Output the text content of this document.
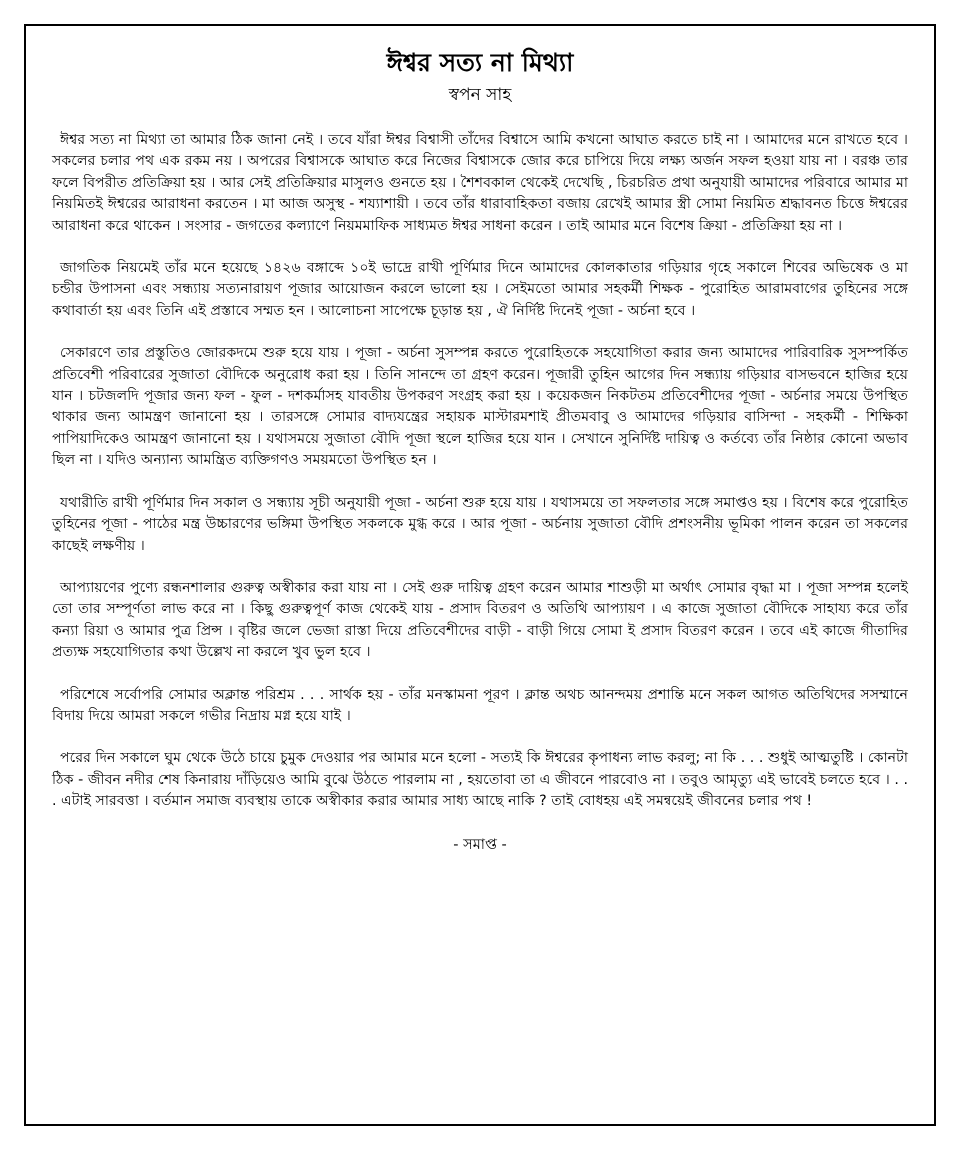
ঈশ্বর সত্য না মিথ্যা
স্বপন সাহ

ঈশ্বর সত্য না মিথ্যা তা আমার ঠিক জানা নেই । তবে যাঁরা ঈশ্বর বিশ্বাসী তাঁদের বিশ্বাসে আমি কখনো আঘাত করতে চাই না । আমাদের মনে রাখতে হবে । সকলের চলার পথ এক রকম নয় । অপরের বিশ্বাসকে আঘাত করে নিজের বিশ্বাসকে জোর করে চাপিয়ে দিয়ে লক্ষ্য অর্জন সফল হওয়া যায় না । বরঞ্চ তার ফলে বিপরীত প্রতিক্রিয়া হয় । আর সেই প্রতিক্রিয়ার মাসুলও গুনতে হয় । শৈশবকাল থেকেই দেখেছি , চিরচরিত প্রথা অনুযায়ী আমাদের পরিবারে আমার মা নিয়মিতই ঈশ্বরের আরাধনা করতেন । মা আজ অসুস্থ - শয্যাশায়ী । তবে তাঁর ধারাবাহিকতা বজায় রেখেই আমার স্ত্রী সোমা নিয়মিত শ্রদ্ধাবনত চিত্তে ঈশ্বরের আরাধনা করে থাকেন । সংসার - জগতের কল্যাণে নিয়মমাফিক সাধ্যমত ঈশ্বর সাধনা করেন । তাই আমার মনে বিশেষ ক্রিয়া - প্রতিক্রিয়া হয় না ।

জাগতিক নিয়মেই তাঁর মনে হয়েছে ১৪২৬ বঙ্গাব্দে ১০ই ভাদ্রে রাখী পূর্ণিমার দিনে আমাদের কোলকাতার গড়িয়ার গৃহে সকালে শিবের অভিষেক ও মা চন্ডীর উপাসনা এবং সন্ধ্যায় সত্যনারায়ণ পূজার আয়োজন করলে ভালো হয় । সেইমতো আমার সহকর্মী শিক্ষক - পুরোহিত আরামবাগের তুহিনের সঙ্গে কথাবার্তা হয় এবং তিনি এই প্রস্তাবে সম্মত হন । আলোচনা সাপেক্ষে চূড়ান্ত হয় , ঐ নির্দিষ্ট দিনেই পূজা - অর্চনা হবে ।

সেকারণে তার প্রস্তুতিও জোরকদমে শুরু হয়ে যায় । পূজা - অর্চনা সুসম্পন্ন করতে পুরোহিতকে সহযোগিতা করার জন্য আমাদের পারিবারিক সুসম্পর্কিত প্রতিবেশী পরিবারের সুজাতা বৌদিকে অনুরোধ করা হয় । তিনি সানন্দে তা গ্রহণ করেন। পূজারী তুহিন আগের দিন সন্ধ্যায় গড়িয়ার বাসভবনে হাজির হয়ে যান । চটজলদি পূজার জন্য ফল - ফুল - দশকর্মাসহ যাবতীয় উপকরণ সংগ্রহ করা হয় । কয়েকজন নিকটতম প্রতিবেশীদের পূজা - অর্চনার সময়ে উপস্থিত থাকার জন্য আমন্ত্রণ জানানো হয় । তারসঙ্গে সোমার বাদ্যযন্ত্রের সহায়ক মাস্টারমশাই প্রীতমবাবু ও আমাদের গড়িয়ার বাসিন্দা - সহকর্মী - শিক্ষিকা পাপিয়াদিকেও আমন্ত্রণ জানানো হয় । যথাসময়ে সুজাতা বৌদি পূজা স্থলে হাজির হয়ে যান । সেখানে সুনির্দিষ্ট দায়িত্ব ও কর্তব্যে তাঁর নিষ্ঠার কোনো অভাব ছিল না । যদিও অন্যান্য আমন্ত্রিত ব্যক্তিগণও সময়মতো উপস্থিত হন ।

যথারীতি রাখী পূর্ণিমার দিন সকাল ও সন্ধ্যায় সূচী অনুযায়ী পূজা - অর্চনা শুরু হয়ে যায় । যথাসময়ে তা সফলতার সঙ্গে সমাপ্তও হয় । বিশেষ করে পুরোহিত তুহিনের পূজা - পাঠের মন্ত্র উচ্চারণের ভঙ্গিমা উপস্থিত সকলকে মুগ্ধ করে । আর পূজা - অর্চনায় সুজাতা বৌদি প্রশংসনীয় ভূমিকা পালন করেন তা সকলের কাছেই লক্ষণীয় ।

আপ্যায়ণের পুণ্যে রন্ধনশালার গুরুত্ব অস্বীকার করা যায় না । সেই গুরু দায়িত্ব গ্রহণ করেন আমার শাশুড়ী মা অর্থাৎ সোমার বৃদ্ধা মা । পূজা সম্পন্ন হলেই তো তার সম্পূর্ণতা লাভ করে না । কিছু গুরুত্বপূর্ণ কাজ থেকেই যায় - প্রসাদ বিতরণ ও অতিথি আপ্যায়ণ । এ কাজে সুজাতা বৌদিকে সাহায্য করে তাঁর কন্যা রিয়া ও আমার পুত্র প্রিন্স । বৃষ্টির জলে ভেজা রাস্তা দিয়ে প্রতিবেশীদের বাড়ী - বাড়ী গিয়ে সোমা ই প্রসাদ বিতরণ করেন । তবে এই কাজে গীতাদির প্রত্যক্ষ সহযোগিতার কথা উল্লেখ না করলে খুব ভুল হবে ।

পরিশেষে সর্বোপরি সোমার অক্লান্ত পরিশ্রম . . . সার্থক হয় - তাঁর মনস্কামনা পূরণ । ক্লান্ত অথচ আনন্দময় প্রশান্তি মনে সকল আগত অতিথিদের সসম্মানে বিদায় দিয়ে আমরা সকলে গভীর নিদ্রায় মগ্ন হয়ে যাই ।

পরের দিন সকালে ঘুম থেকে উঠে চায়ে চুমুক দেওয়ার পর আমার মনে হলো - সত্যই কি ঈশ্বরের কৃপাধন্য লাভ করলু; না কি . . . শুধুই আত্মতুষ্টি । কোনটা ঠিক - জীবন নদীর শেষ কিনারায় দাঁড়িয়েও আমি বুঝে উঠতে পারলাম না , হয়তোবা তা এ জীবনে পারবোও না । তবুও আমৃত্যু এই ভাবেই চলতে হবে । . . . এটাই সারবত্তা । বর্তমান সমাজ ব্যবস্থায় তাকে অস্বীকার করার আমার সাধ্য আছে নাকি ? তাই বোধহয় এই সমন্বয়েই জীবনের চলার পথ !

- সমাপ্ত -
